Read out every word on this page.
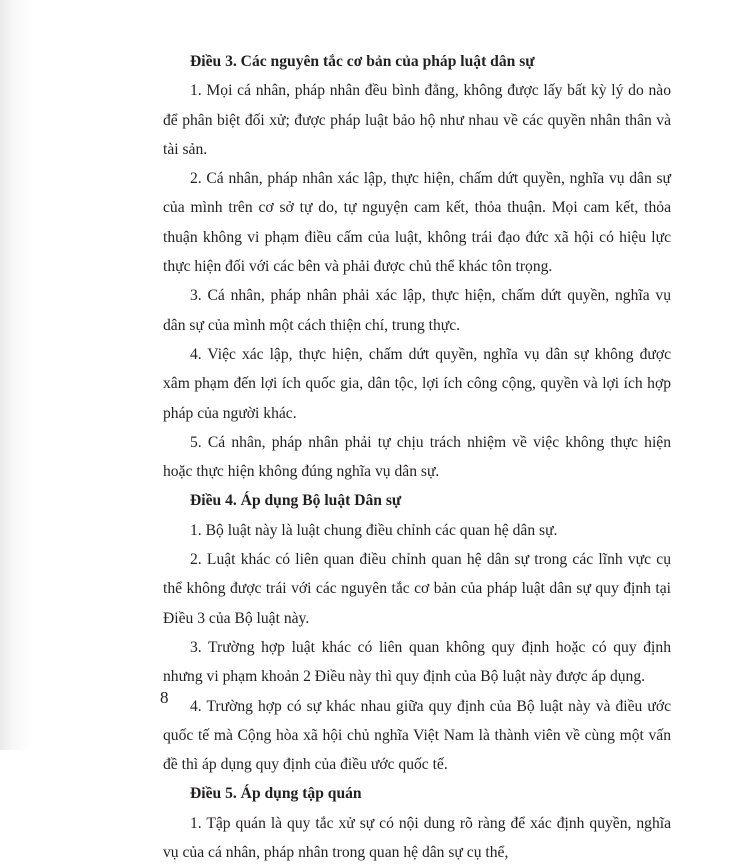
Điều 3. Các nguyên tắc cơ bản của pháp luật dân sự

1. Mọi cá nhân, pháp nhân đều bình đẳng, không được lấy bất kỳ lý do nào để phân biệt đối xử; được pháp luật bảo hộ như nhau về các quyền nhân thân và tài sản.

2. Cá nhân, pháp nhân xác lập, thực hiện, chấm dứt quyền, nghĩa vụ dân sự của mình trên cơ sở tự do, tự nguyện cam kết, thỏa thuận. Mọi cam kết, thỏa thuận không vi phạm điều cấm của luật, không trái đạo đức xã hội có hiệu lực thực hiện đối với các bên và phải được chủ thể khác tôn trọng.

3. Cá nhân, pháp nhân phải xác lập, thực hiện, chấm dứt quyền, nghĩa vụ dân sự của mình một cách thiện chí, trung thực.

4. Việc xác lập, thực hiện, chấm dứt quyền, nghĩa vụ dân sự không được xâm phạm đến lợi ích quốc gia, dân tộc, lợi ích công cộng, quyền và lợi ích hợp pháp của người khác.

5. Cá nhân, pháp nhân phải tự chịu trách nhiệm về việc không thực hiện hoặc thực hiện không đúng nghĩa vụ dân sự.

Điều 4. Áp dụng Bộ luật Dân sự

1. Bộ luật này là luật chung điều chỉnh các quan hệ dân sự.

2. Luật khác có liên quan điều chỉnh quan hệ dân sự trong các lĩnh vực cụ thể không được trái với các nguyên tắc cơ bản của pháp luật dân sự quy định tại Điều 3 của Bộ luật này.

3. Trường hợp luật khác có liên quan không quy định hoặc có quy định nhưng vi phạm khoản 2 Điều này thì quy định của Bộ luật này được áp dụng.

4. Trường hợp có sự khác nhau giữa quy định của Bộ luật này và điều ước quốc tế mà Cộng hòa xã hội chủ nghĩa Việt Nam là thành viên về cùng một vấn đề thì áp dụng quy định của điều ước quốc tế.

Điều 5. Áp dụng tập quán

1. Tập quán là quy tắc xử sự có nội dung rõ ràng để xác định quyền, nghĩa vụ của cá nhân, pháp nhân trong quan hệ dân sự cụ thể,

8
